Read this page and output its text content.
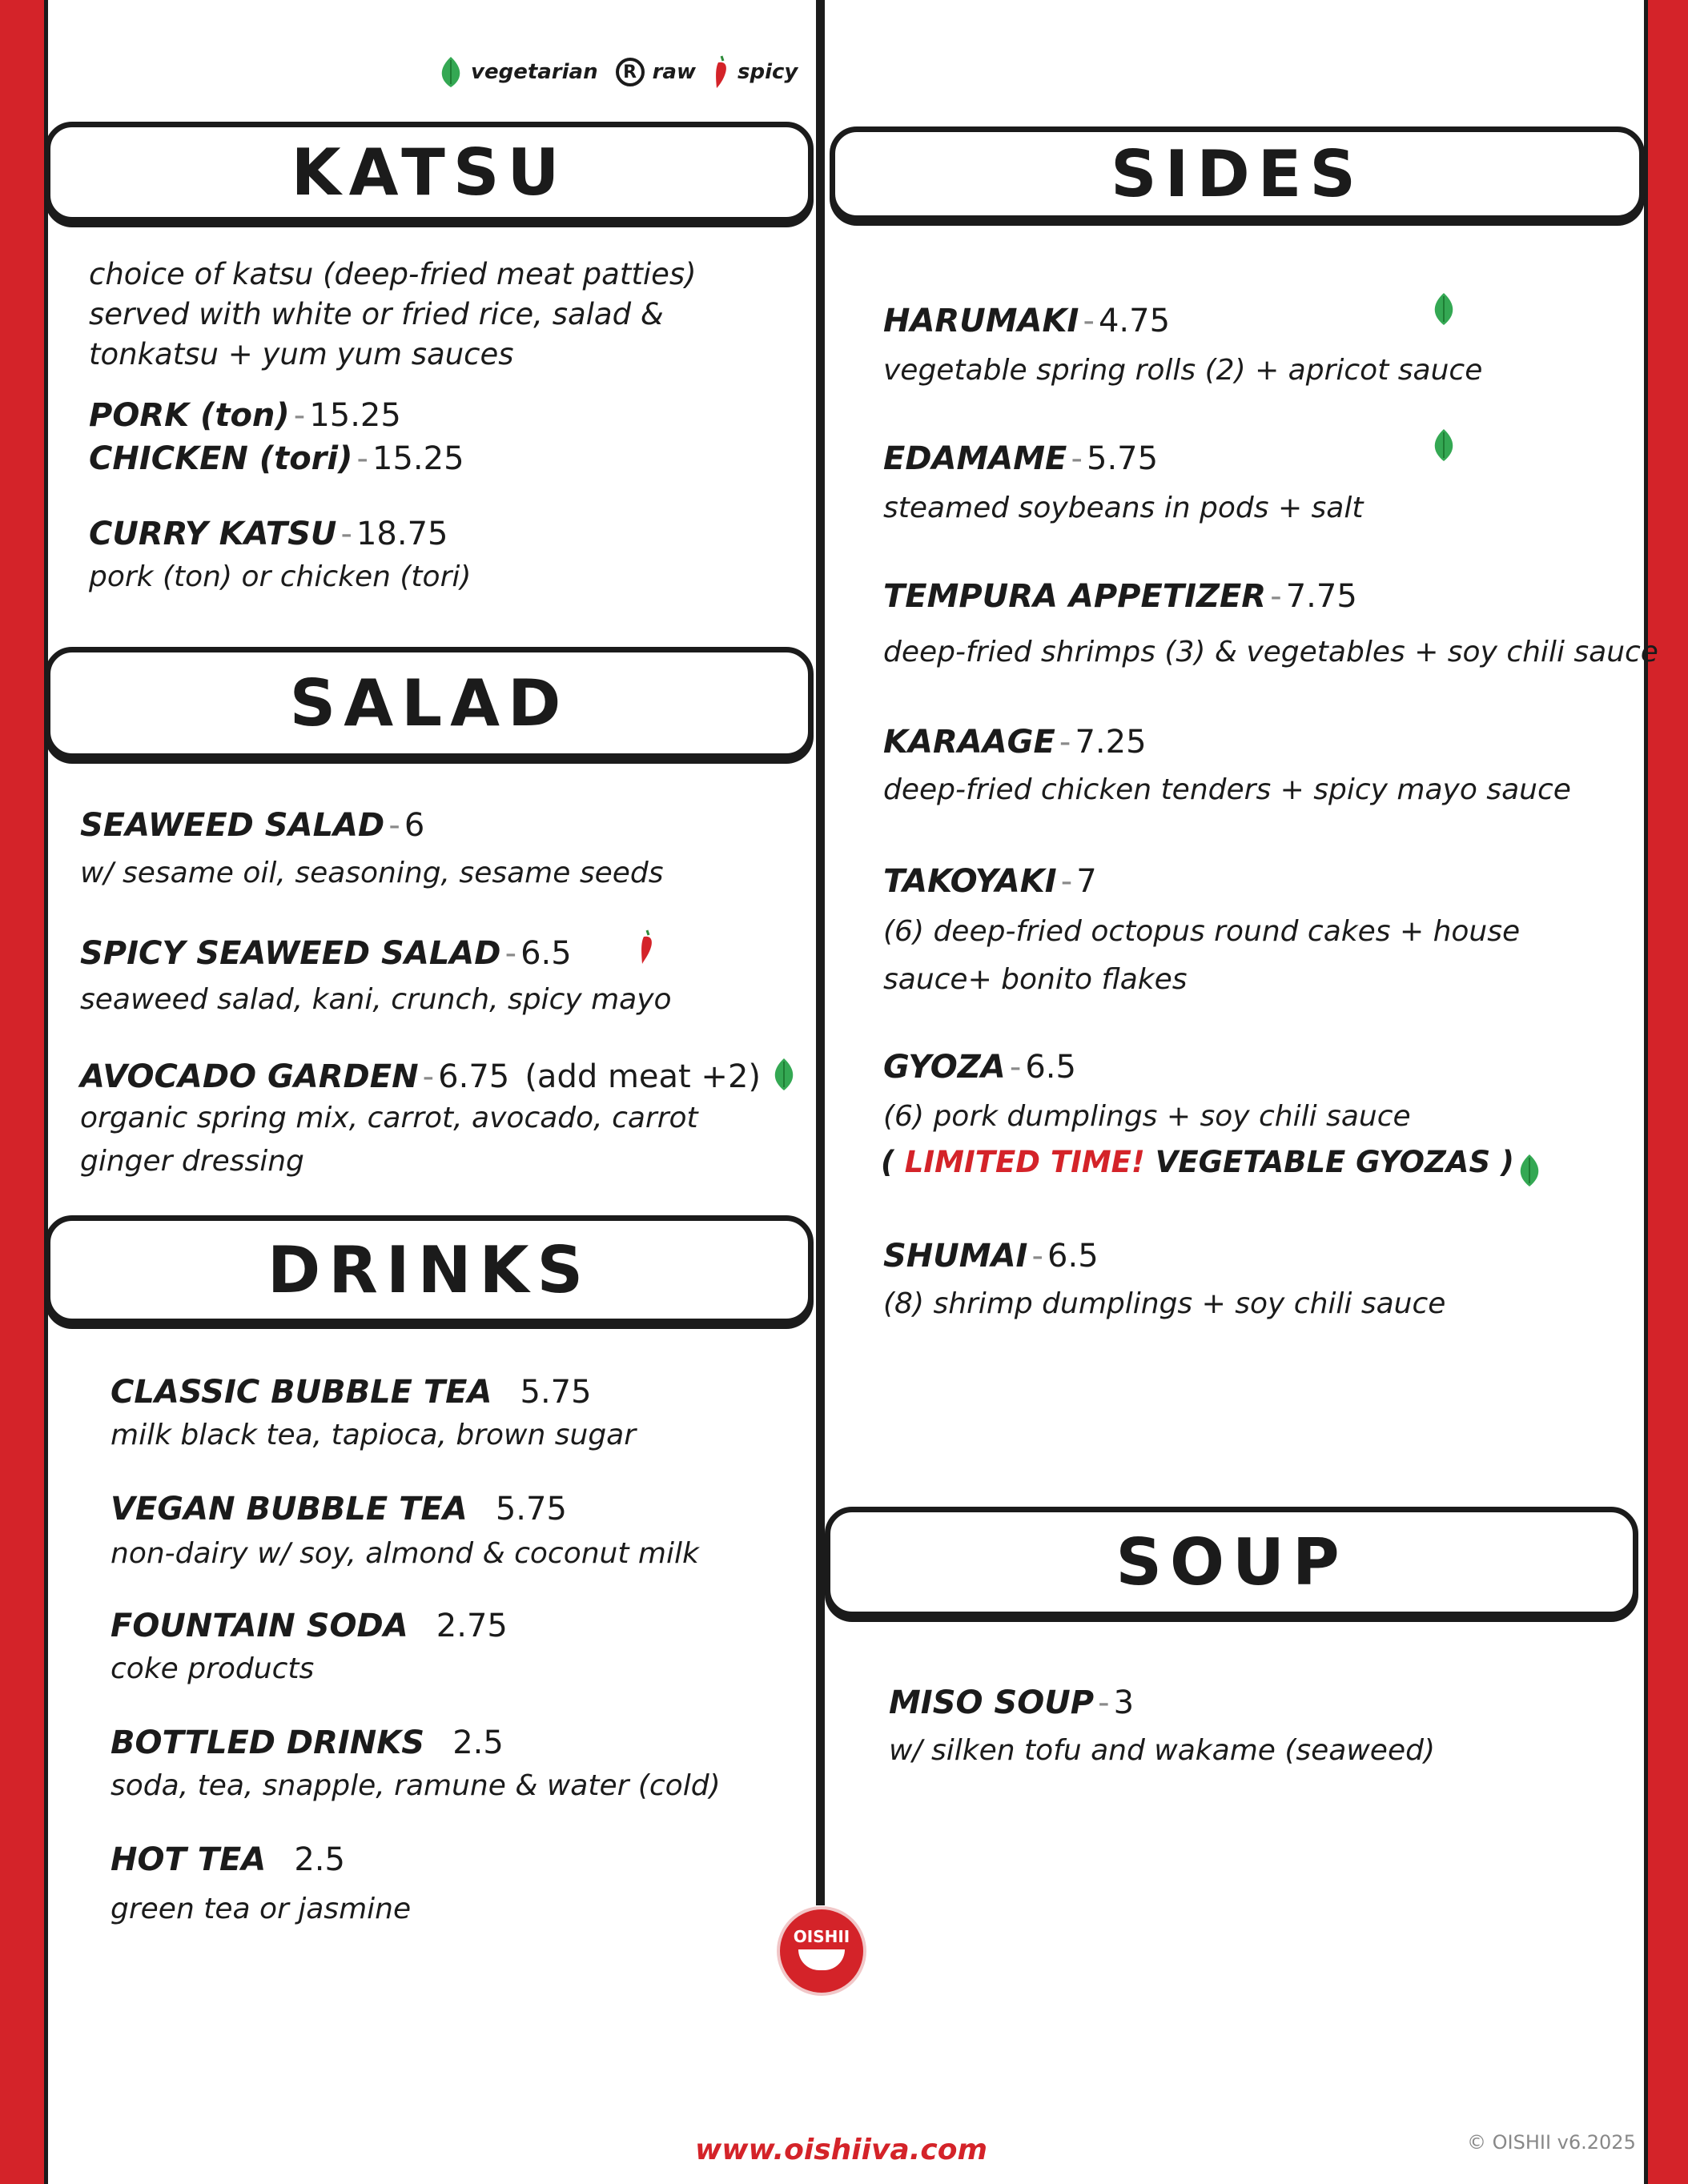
vegetarian	R raw spicy
KATSU
choice of katsu (deep-fried meat patties) served with white or fried rice, salad & tonkatsu + yum yum sauces
PORK (ton) - 15.25
CHICKEN (tori) - 15.25
CURRY KATSU - 18.75
pork (ton) or chicken (tori)
SALAD
SEAWEED SALAD - 6
w/ sesame oil, seasoning, sesame seeds
SPICY SEAWEED SALAD - 6.5
seaweed salad, kani, crunch, spicy mayo
AVOCADO GARDEN - 6.75 (add meat +2)
organic spring mix, carrot, avocado, carrot ginger dressing
DRINKS
CLASSIC BUBBLE TEA 5.75
milk black tea, tapioca, brown sugar
VEGAN BUBBLE TEA 5.75
non-dairy w/ soy, almond & coconut milk
FOUNTAIN SODA 2.75
coke products
BOTTLED DRINKS 2.5
soda, tea, snapple, ramune & water (cold)
HOT TEA 2.5
green tea or jasmine
SIDES
HARUMAKI - 4.75
vegetable spring rolls (2) + apricot sauce
EDAMAME - 5.75
steamed soybeans in pods + salt
TEMPURA APPETIZER - 7.75
deep-fried shrimps (3) & vegetables + soy chili sauce
KARAAGE - 7.25
deep-fried chicken tenders + spicy mayo sauce
TAKOYAKI - 7
(6) deep-fried octopus round cakes + house sauce+ bonito flakes
GYOZA - 6.5
(6) pork dumplings + soy chili sauce
( LIMITED TIME! VEGETABLE GYOZAS )
SHUMAI - 6.5
(8) shrimp dumplings + soy chili sauce
SOUP
MISO SOUP - 3
w/ silken tofu and wakame (seaweed)
OISHII
www.oishiiva.com	© OISHII v6.2025
